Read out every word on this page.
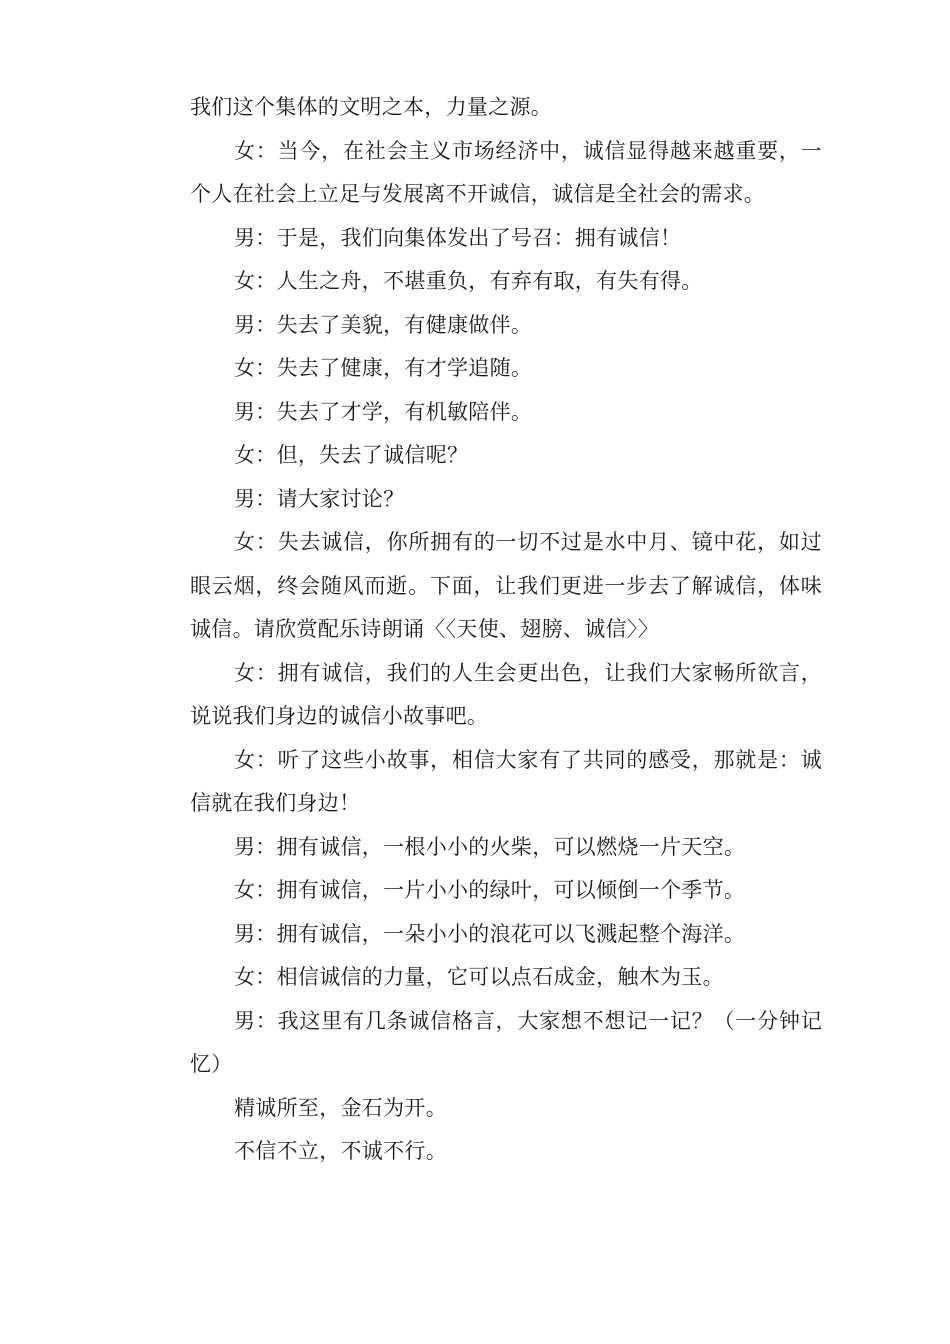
我们这个集体的文明之本，力量之源。

女：当今，在社会主义市场经济中，诚信显得越来越重要，一个人在社会上立足与发展离不开诚信，诚信是全社会的需求。

男：于是，我们向集体发出了号召：拥有诚信！

女：人生之舟，不堪重负，有弃有取，有失有得。

男：失去了美貌，有健康做伴。

女：失去了健康，有才学追随。

男：失去了才学，有机敏陪伴。

女：但，失去了诚信呢？

男：请大家讨论？

女：失去诚信，你所拥有的一切不过是水中月、镜中花，如过眼云烟，终会随风而逝。下面，让我们更进一步去了解诚信，体味诚信。请欣赏配乐诗朗诵〈〈天使、翅膀、诚信〉〉

女：拥有诚信，我们的人生会更出色，让我们大家畅所欲言，说说我们身边的诚信小故事吧。

女：听了这些小故事，相信大家有了共同的感受，那就是：诚信就在我们身边！

男：拥有诚信，一根小小的火柴，可以燃烧一片天空。

女：拥有诚信，一片小小的绿叶，可以倾倒一个季节。

男：拥有诚信，一朵小小的浪花可以飞溅起整个海洋。

女：相信诚信的力量，它可以点石成金，触木为玉。

男：我这里有几条诚信格言，大家想不想记一记？（一分钟记忆）

精诚所至，金石为开。

不信不立，不诚不行。
